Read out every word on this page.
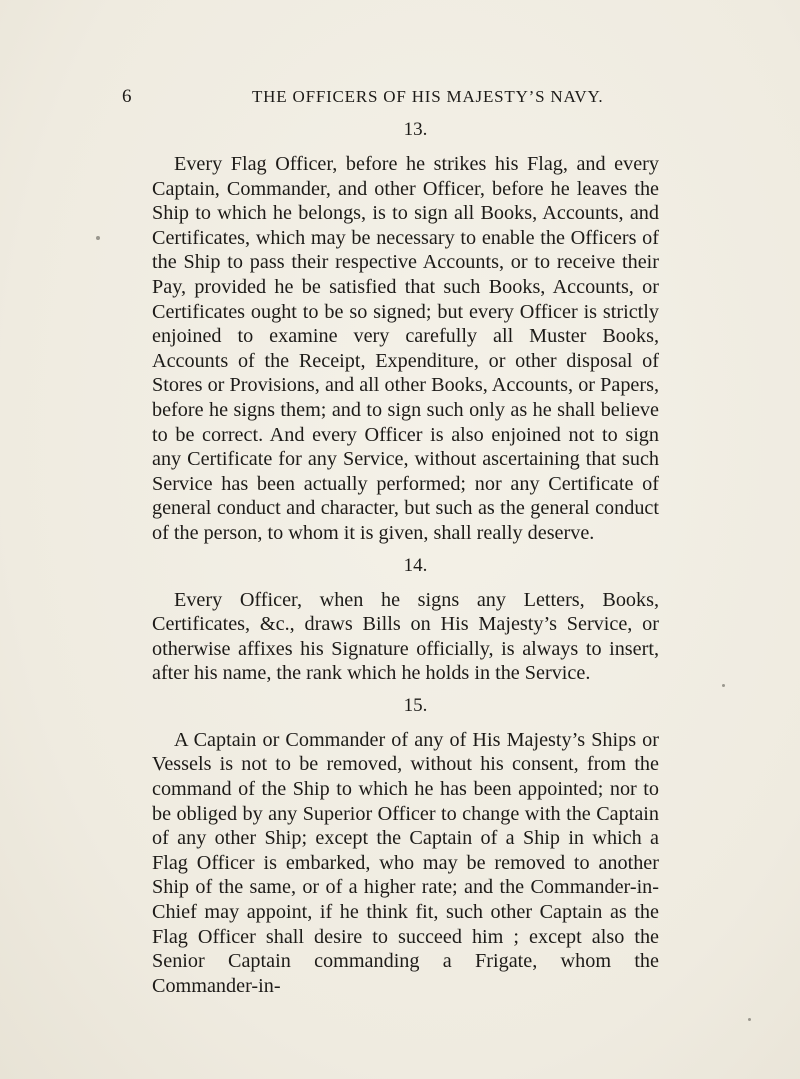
6	THE OFFICERS OF HIS MAJESTY’S NAVY.
13.

Every Flag Officer, before he strikes his Flag, and every Captain, Commander, and other Officer, before he leaves the Ship to which he belongs, is to sign all Books, Accounts, and Certificates, which may be necessary to enable the Officers of the Ship to pass their respective Accounts, or to receive their Pay, provided he be satisfied that such Books, Accounts, or Certificates ought to be so signed; but every Officer is strictly enjoined to examine very carefully all Muster Books, Accounts of the Receipt, Expenditure, or other disposal of Stores or Provisions, and all other Books, Accounts, or Papers, before he signs them; and to sign such only as he shall believe to be correct. And every Officer is also enjoined not to sign any Certificate for any Service, without ascertaining that such Service has been actually performed; nor any Certificate of general conduct and character, but such as the general conduct of the person, to whom it is given, shall really deserve.

14.

Every Officer, when he signs any Letters, Books, Certificates, &c., draws Bills on His Majesty’s Service, or otherwise affixes his Signature officially, is always to insert, after his name, the rank which he holds in the Service.

15.

A Captain or Commander of any of His Majesty’s Ships or Vessels is not to be removed, without his consent, from the command of the Ship to which he has been appointed; nor to be obliged by any Superior Officer to change with the Captain of any other Ship; except the Captain of a Ship in which a Flag Officer is embarked, who may be removed to another Ship of the same, or of a higher rate; and the Commander-in-Chief may appoint, if he think fit, such other Captain as the Flag Officer shall desire to succeed him ; except also the Senior Captain commanding a Frigate, whom the Commander-in-
